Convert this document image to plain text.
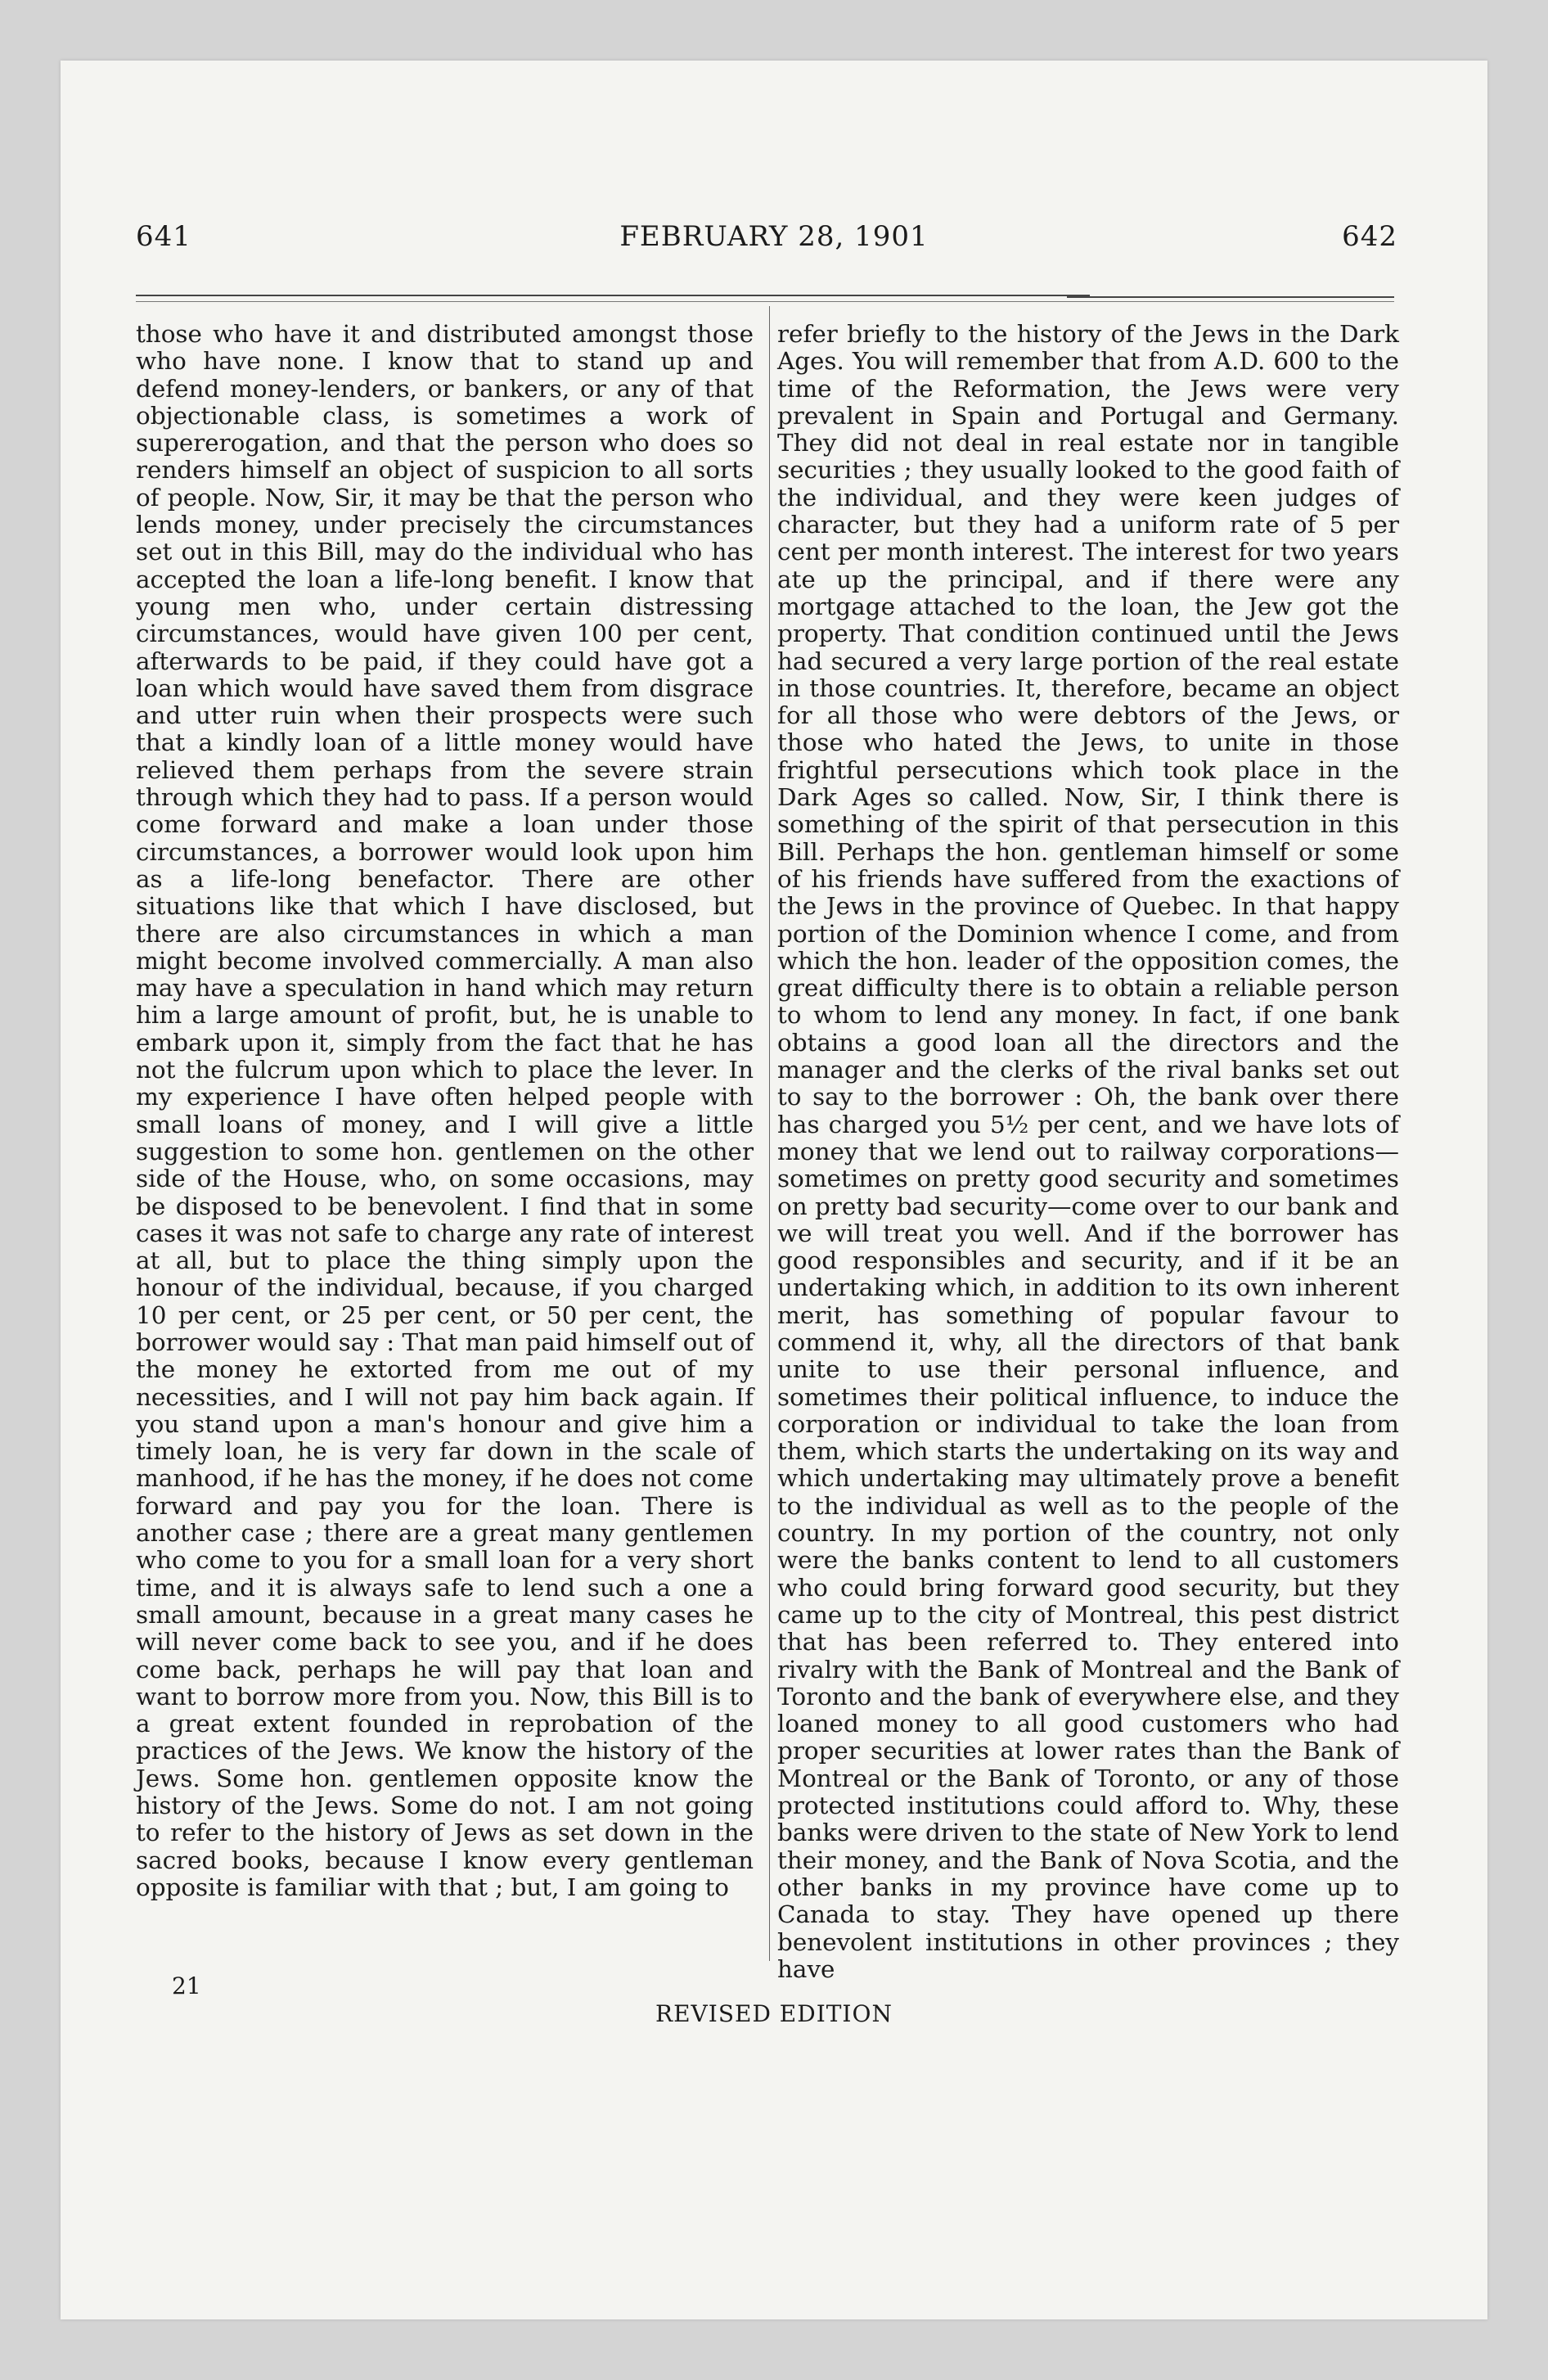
641	FEBRUARY 28, 1901	642

those who have it and distributed amongst those who have none. I know that to stand up and defend money-lenders, or bankers, or any of that objectionable class, is sometimes a work of supererogation, and that the person who does so renders himself an object of suspicion to all sorts of people. Now, Sir, it may be that the person who lends money, under precisely the circumstances set out in this Bill, may do the individual who has accepted the loan a life-long benefit. I know that young men who, under certain distressing circumstances, would have given 100 per cent, afterwards to be paid, if they could have got a loan which would have saved them from disgrace and utter ruin when their prospects were such that a kindly loan of a little money would have relieved them perhaps from the severe strain through which they had to pass. If a person would come forward and make a loan under those circumstances, a borrower would look upon him as a life-long benefactor. There are other situations like that which I have disclosed, but there are also circumstances in which a man might become involved commercially. A man also may have a speculation in hand which may return him a large amount of profit, but, he is unable to embark upon it, simply from the fact that he has not the fulcrum upon which to place the lever. In my experience I have often helped people with small loans of money, and I will give a little suggestion to some hon. gentlemen on the other side of the House, who, on some occasions, may be disposed to be benevolent. I find that in some cases it was not safe to charge any rate of interest at all, but to place the thing simply upon the honour of the individual, because, if you charged 10 per cent, or 25 per cent, or 50 per cent, the borrower would say : That man paid himself out of the money he extorted from me out of my necessities, and I will not pay him back again. If you stand upon a man's honour and give him a timely loan, he is very far down in the scale of manhood, if he has the money, if he does not come forward and pay you for the loan. There is another case ; there are a great many gentlemen who come to you for a small loan for a very short time, and it is always safe to lend such a one a small amount, because in a great many cases he will never come back to see you, and if he does come back, perhaps he will pay that loan and want to borrow more from you. Now, this Bill is to a great extent founded in reprobation of the practices of the Jews. We know the history of the Jews. Some hon. gentlemen opposite know the history of the Jews. Some do not. I am not going to refer to the history of Jews as set down in the sacred books, because I know every gentleman opposite is familiar with that ; but, I am going to

refer briefly to the history of the Jews in the Dark Ages. You will remember that from A.D. 600 to the time of the Reformation, the Jews were very prevalent in Spain and Portugal and Germany. They did not deal in real estate nor in tangible securities ; they usually looked to the good faith of the individual, and they were keen judges of character, but they had a uniform rate of 5 per cent per month interest. The interest for two years ate up the principal, and if there were any mortgage attached to the loan, the Jew got the property. That condition continued until the Jews had secured a very large portion of the real estate in those countries. It, therefore, became an object for all those who were debtors of the Jews, or those who hated the Jews, to unite in those frightful persecutions which took place in the Dark Ages so called. Now, Sir, I think there is something of the spirit of that persecution in this Bill. Perhaps the hon. gentleman himself or some of his friends have suffered from the exactions of the Jews in the province of Quebec. In that happy portion of the Dominion whence I come, and from which the hon. leader of the opposition comes, the great difficulty there is to obtain a reliable person to whom to lend any money. In fact, if one bank obtains a good loan all the directors and the manager and the clerks of the rival banks set out to say to the borrower : Oh, the bank over there has charged you 5½ per cent, and we have lots of money that we lend out to railway corporations—sometimes on pretty good security and sometimes on pretty bad security—come over to our bank and we will treat you well. And if the borrower has good responsibles and security, and if it be an undertaking which, in addition to its own inherent merit, has something of popular favour to commend it, why, all the directors of that bank unite to use their personal influence, and sometimes their political influence, to induce the corporation or individual to take the loan from them, which starts the undertaking on its way and which undertaking may ultimately prove a benefit to the individual as well as to the people of the country. In my portion of the country, not only were the banks content to lend to all customers who could bring forward good security, but they came up to the city of Montreal, this pest district that has been referred to. They entered into rivalry with the Bank of Montreal and the Bank of Toronto and the bank of everywhere else, and they loaned money to all good customers who had proper securities at lower rates than the Bank of Montreal or the Bank of Toronto, or any of those protected institutions could afford to. Why, these banks were driven to the state of New York to lend their money, and the Bank of Nova Scotia, and the other banks in my province have come up to Canada to stay. They have opened up there benevolent institutions in other provinces ; they have

21
REVISED EDITION
